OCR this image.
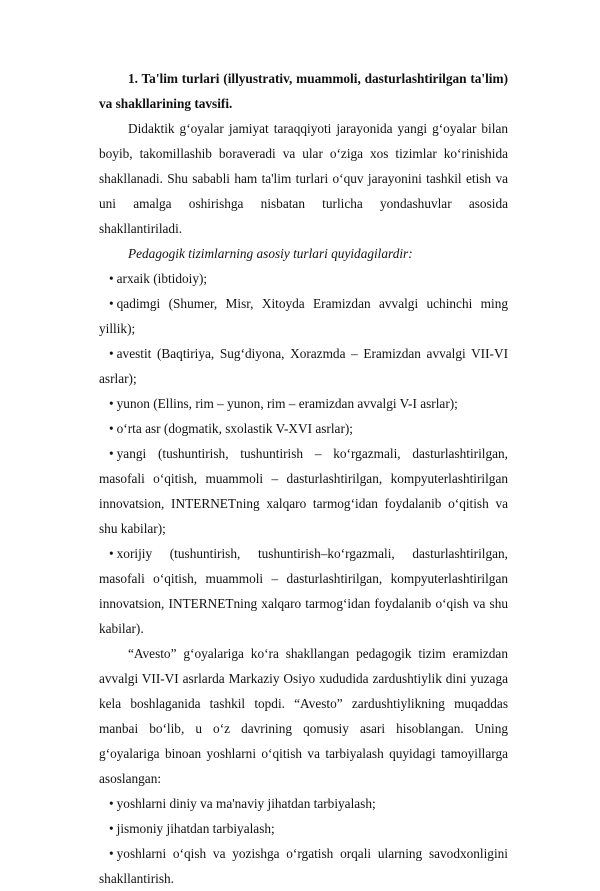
1. Ta'lim turlari (illyustrativ, muammoli, dasturlashtirilgan ta'lim) va shakllarining tavsifi.

Didaktik g‘oyalar jamiyat taraqqiyoti jarayonida yangi g‘oyalar bilan boyib, takomillashib boraveradi va ular o‘ziga xos tizimlar ko‘rinishida shakllanadi. Shu sababli ham ta'lim turlari o‘quv jarayonini tashkil etish va uni amalga oshirishga nisbatan turlicha yondashuvlar asosida shakllantiriladi.

Pedagogik tizimlarning asosiy turlari quyidagilardir:

• arxaik (ibtidoiy);

• qadimgi (Shumer, Misr, Xitoyda Eramizdan avvalgi uchinchi ming yillik);

• avestit (Baqtiriya, Sug‘diyona, Xorazmda – Eramizdan avvalgi VII-VI asrlar);

• yunon (Ellins, rim – yunon, rim – eramizdan avvalgi V-I asrlar);

• o‘rta asr (dogmatik, sxolastik V-XVI asrlar);

• yangi (tushuntirish, tushuntirish – ko‘rgazmali, dasturlashtirilgan, masofali o‘qitish, muammoli – dasturlashtirilgan, kompyuterlashtirilgan innovatsion, INTERNETning xalqaro tarmog‘idan foydalanib o‘qitish va shu kabilar);

• xorijiy (tushuntirish, tushuntirish–ko‘rgazmali, dasturlashtirilgan, masofali o‘qitish, muammoli – dasturlashtirilgan, kompyuterlashtirilgan innovatsion, INTERNETning xalqaro tarmog‘idan foydalanib o‘qish va shu kabilar).

“Avesto” g‘oyalariga ko‘ra shakllangan pedagogik tizim eramizdan avvalgi VII-VI asrlarda Markaziy Osiyo xududida zardushtiylik dini yuzaga kela boshlaganida tashkil topdi. “Avesto” zardushtiylikning muqaddas manbai bo‘lib, u o‘z davrining qomusiy asari hisoblangan. Uning g‘oyalariga binoan yoshlarni o‘qitish va tarbiyalash quyidagi tamoyillarga asoslangan:

• yoshlarni diniy va ma'naviy jihatdan tarbiyalash;

• jismoniy jihatdan tarbiyalash;

• yoshlarni o‘qish va yozishga o‘rgatish orqali ularning savodxonligini shakllantirish.
